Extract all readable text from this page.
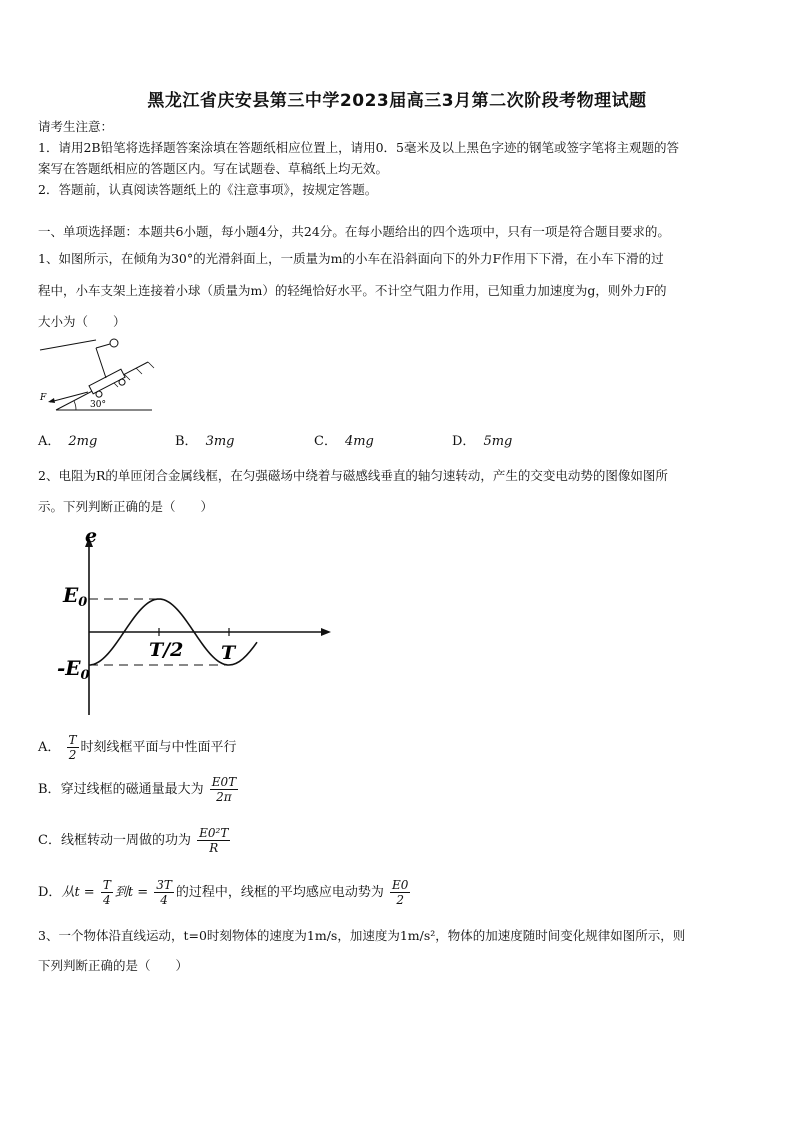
黑龙江省庆安县第三中学2023届高三3月第二次阶段考物理试题
请考生注意：
1．请用2B铅笔将选择题答案涂填在答题纸相应位置上，请用0．5毫米及以上黑色字迹的钢笔或签字笔将主观题的答
案写在答题纸相应的答题区内。写在试题卷、草稿纸上均无效。
2．答题前，认真阅读答题纸上的《注意事项》，按规定答题。
一、单项选择题：本题共6小题，每小题4分，共24分。在每小题给出的四个选项中，只有一项是符合题目要求的。
1、如图所示，在倾角为30°的光滑斜面上，一质量为m的小车在沿斜面向下的外力F作用下下滑，在小车下滑的过
程中，小车支架上连接着小球（质量为m）的轻绳恰好水平。不计空气阻力作用，已知重力加速度为g，则外力F的
大小为（　　）
30°
F
A． 2mg	B． 3mg	C． 4mg	D． 5mg
2、电阻为R的单匝闭合金属线框，在匀强磁场中绕着与磁感线垂直的轴匀速转动，产生的交变电动势的图像如图所
示。下列判断正确的是（　　）
e
$E_0$
$-E_0$
T/2 T
A． $\frac{T}{2}$ 时刻线框平面与中性面平行
B．穿过线框的磁通量最大为 $\frac{E0T}{2\pi}$
C．线框转动一周做的功为 $\frac{\text{E0²T}}{R}$
D．从$t = \frac{T}{4}$ 到$t = \frac{3T}{4}$ 的过程中，线框的平均感应电动势为 $\frac{E0}{2}$
3、一个物体沿直线运动，t=0时刻物体的速度为1m/s，加速度为1m/s²，物体的加速度随时间变化规律如图所示，则
下列判断正确的是（　　）
